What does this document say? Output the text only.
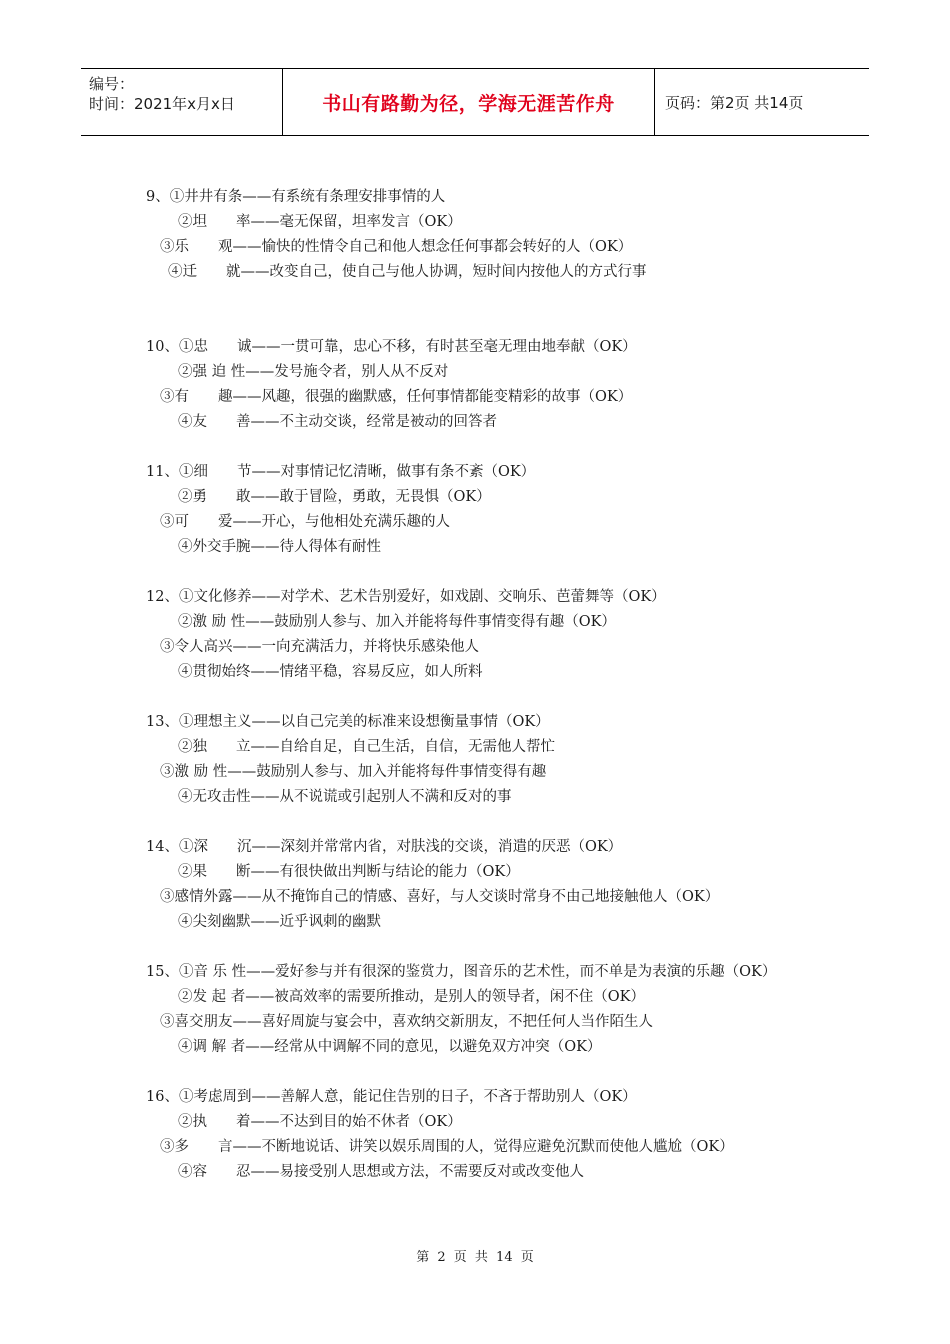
编号：
时间：2021年x月x日	书山有路勤为径，学海无涯苦作舟	页码：第2页 共14页
9、①井井有条——有系统有条理安排事情的人
②坦　　率——毫无保留，坦率发言（OK）
③乐　　观——愉快的性情令自己和他人想念任何事都会转好的人（OK）
④迁　　就——改变自己，使自己与他人协调，短时间内按他人的方式行事
10、①忠　　诚——一贯可靠，忠心不移，有时甚至毫无理由地奉献（OK）
②强 迫 性——发号施令者，别人从不反对
③有　　趣——风趣，很强的幽默感，任何事情都能变精彩的故事（OK）
④友　　善——不主动交谈，经常是被动的回答者
11、①细　　节——对事情记忆清晰，做事有条不紊（OK）
②勇　　敢——敢于冒险，勇敢，无畏惧（OK）
③可　　爱——开心，与他相处充满乐趣的人
④外交手腕——待人得体有耐性
12、①文化修养——对学术、艺术告别爱好，如戏剧、交响乐、芭蕾舞等（OK）
②激 励 性——鼓励别人参与、加入并能将每件事情变得有趣（OK）
③令人高兴——一向充满活力，并将快乐感染他人
④贯彻始终——情绪平稳，容易反应，如人所料
13、①理想主义——以自己完美的标准来设想衡量事情（OK）
②独　　立——自给自足，自己生活，自信，无需他人帮忙
③激 励 性——鼓励别人参与、加入并能将每件事情变得有趣
④无攻击性——从不说谎或引起别人不满和反对的事
14、①深　　沉——深刻并常常内省，对肤浅的交谈，消遣的厌恶（OK）
②果　　断——有很快做出判断与结论的能力（OK）
③感情外露——从不掩饰自己的情感、喜好，与人交谈时常身不由己地接触他人（OK）
④尖刻幽默——近乎讽刺的幽默
15、①音 乐 性——爱好参与并有很深的鉴赏力，图音乐的艺术性，而不单是为表演的乐趣（OK）
②发 起 者——被高效率的需要所推动，是别人的领导者，闲不住（OK）
③喜交朋友——喜好周旋与宴会中，喜欢纳交新朋友，不把任何人当作陌生人
④调 解 者——经常从中调解不同的意见，以避免双方冲突（OK）
16、①考虑周到——善解人意，能记住告别的日子，不吝于帮助别人（OK）
②执　　着——不达到目的始不休者（OK）
③多　　言——不断地说话、讲笑以娱乐周围的人，觉得应避免沉默而使他人尴尬（OK）
④容　　忍——易接受别人思想或方法，不需要反对或改变他人
第 2 页 共 14 页
